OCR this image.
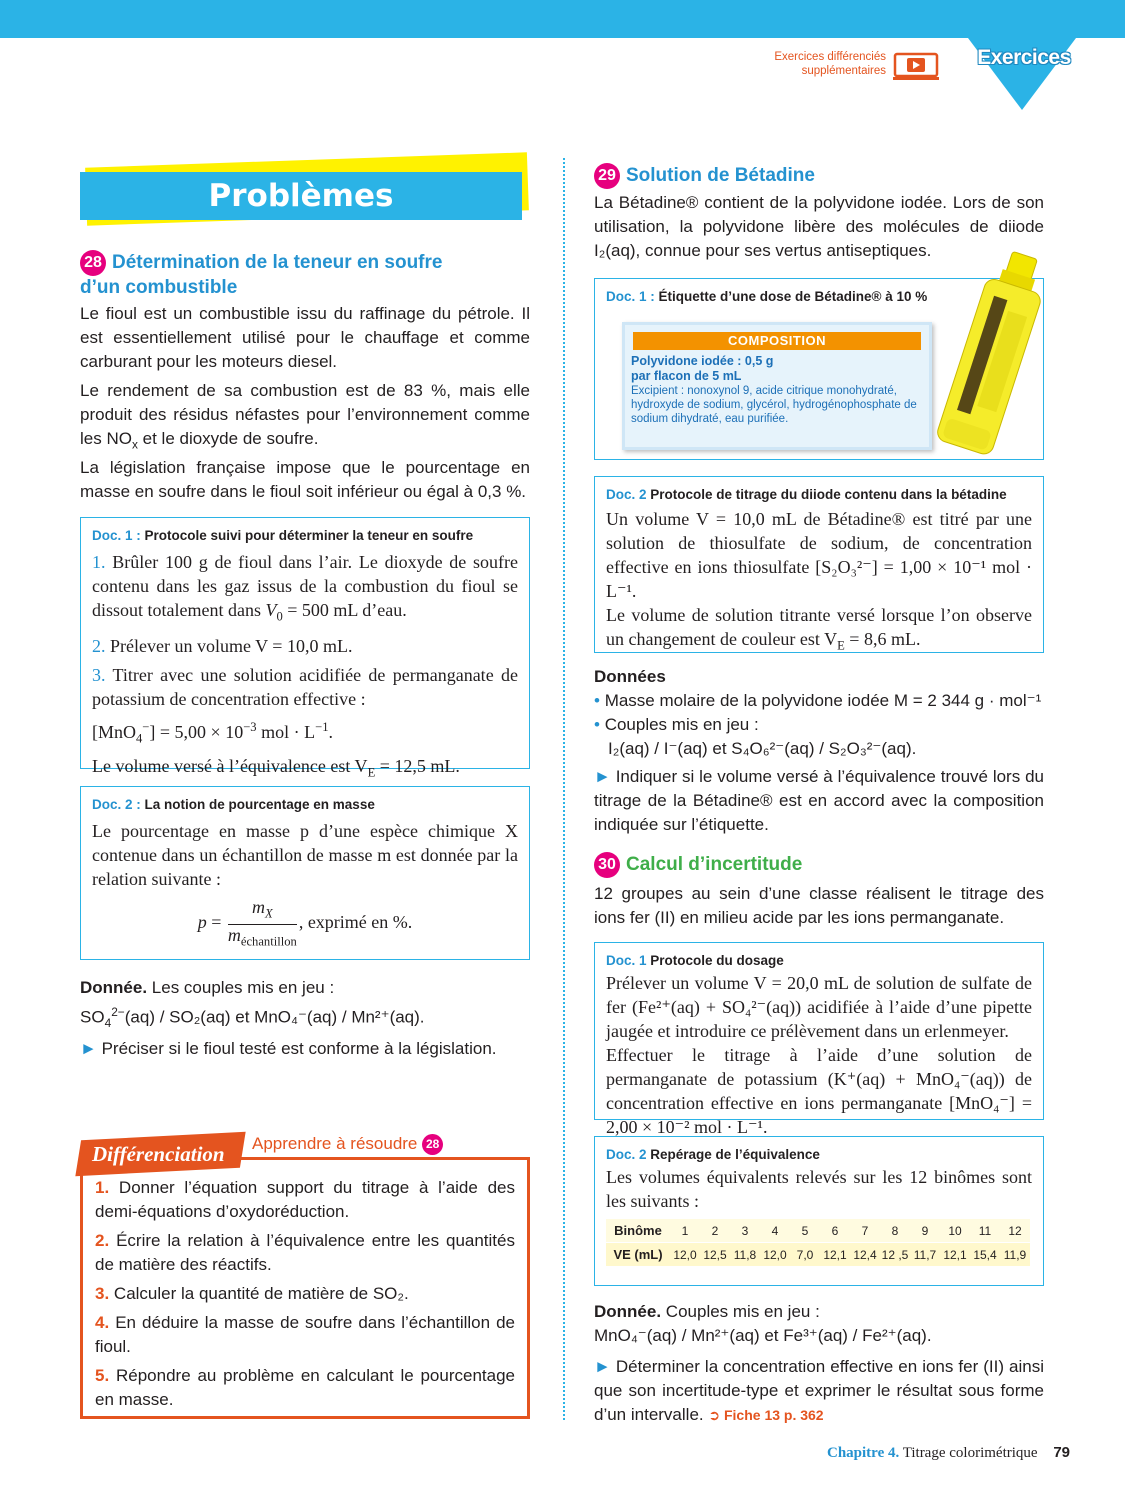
Exercices différenciés
supplémentaires
Exercices
Problèmes
28 Détermination de la teneur en soufre
d’un combustible
Le fioul est un combustible issu du raffinage du pétrole. Il est essentiellement utilisé pour le chauffage et comme carburant pour les moteurs diesel.
Le rendement de sa combustion est de 83 %, mais elle produit des résidus néfastes pour l’environnement comme les $NO_x$ et le dioxyde de soufre.
La législation française impose que le pourcentage en masse en soufre dans le fioul soit inférieur ou égal à 0,3 %.
Doc. 1 : Protocole suivi pour déterminer la teneur en soufre
1. Brûler 100 g de fioul dans l’air. Le dioxyde de soufre contenu dans les gaz issus de la combustion du fioul se dissout totalement dans $V_0 = 500$ mL d’eau.
2. Prélever un volume V = 10,0 mL.
3. Titrer avec une solution acidifiée de permanganate de potassium de concentration effective :
$[MnO_4^-] = 5,00 \times 10^{-3}$ mol · $L^{-1}$.
Le volume versé à l’équivalence est $V_E = 12,5$ mL.
Doc. 2 : La notion de pourcentage en masse
Le pourcentage en masse p d’une espèce chimique X contenue dans un échantillon de masse m est donnée par la relation suivante :
$p = \frac{m_X}{m_{échantillon}}$ , exprimé en %.
Donnée. Les couples mis en jeu :
$SO_4^{2-}(aq) / SO_2(aq)$ et MnO₄⁻(aq) / Mn²⁺(aq).
► Préciser si le fioul testé est conforme à la législation.
1. Donner l’équation support du titrage à l’aide des demi-équations d’oxydoréduction.
2. Écrire la relation à l’équivalence entre les quantités de matière des réactifs.
3. Calculer la quantité de matière de SO₂.
4. En déduire la masse de soufre dans l’échantillon de fioul.
5. Répondre au problème en calculant le pourcentage en masse.
Différenciation Apprendre à résoudre 28
29 Solution de Bétadine
La Bétadine® contient de la polyvidone iodée. Lors de son utilisation, la polyvidone libère des molécules de diiode I₂(aq), connue pour ses vertus antiseptiques.
Doc. 1 : Étiquette d’une dose de Bétadine® à 10 %
COMPOSITION
Polyvidone iodée : 0,5 g
par flacon de 5 mL
Excipient : nonoxynol 9, acide citrique monohydraté, hydroxyde de sodium, glycérol, hydrogénophosphate de sodium dihydraté, eau purifiée.
Doc. 2 Protocole de titrage du diiode contenu dans la bétadine
Un volume V = 10,0 mL de Bétadine® est titré par une solution de thiosulfate de sodium, de concentration effective en ions thiosulfate [S₂O₃²⁻] = 1,00 × 10⁻¹ mol · L⁻¹.
Le volume de solution titrante versé lorsque l’on observe un changement de couleur est $V_E = 8,6$ mL.
Données
• Masse molaire de la polyvidone iodée M = 2 344 g · mol⁻¹
• Couples mis en jeu :
I₂(aq) / I⁻(aq) et S₄O₆²⁻(aq) / S₂O₃²⁻(aq).
► Indiquer si le volume versé à l’équivalence trouvé lors du titrage de la Bétadine® est en accord avec la composition indiquée sur l’étiquette.
30 Calcul d’incertitude
12 groupes au sein d’une classe réalisent le titrage des ions fer (II) en milieu acide par les ions permanganate.
Doc. 1 Protocole du dosage
Prélever un volume V = 20,0 mL de solution de sulfate de fer (Fe²⁺(aq) + SO₄²⁻(aq)) acidifiée à l’aide d’une pipette jaugée et introduire ce prélèvement dans un erlenmeyer.
Effectuer le titrage à l’aide d’une solution de permanganate de potassium (K⁺(aq) + MnO₄⁻(aq)) de concentration effective en ions permanganate [MnO₄⁻] = 2,00 × 10⁻² mol · L⁻¹.
Doc. 2 Repérage de l’équivalence
Les volumes équivalents relevés sur les 12 binômes sont les suivants :
Binôme	1	2	3	4	5	6	7	8	9	10	11	12
VE (mL)	12,0	12,5	11,8	12,0	7,0	12,1	12,4	12 ,5	11,7	12,1	15,4	11,9
Donnée. Couples mis en jeu :
MnO₄⁻(aq) / Mn²⁺(aq) et Fe³⁺(aq) / Fe²⁺(aq).
► Déterminer la concentration effective en ions fer (II) ainsi que son incertitude-type et exprimer le résultat sous forme d’un intervalle. ➲ Fiche 13 p. 362
Chapitre 4. Titrage colorimétrique 79
